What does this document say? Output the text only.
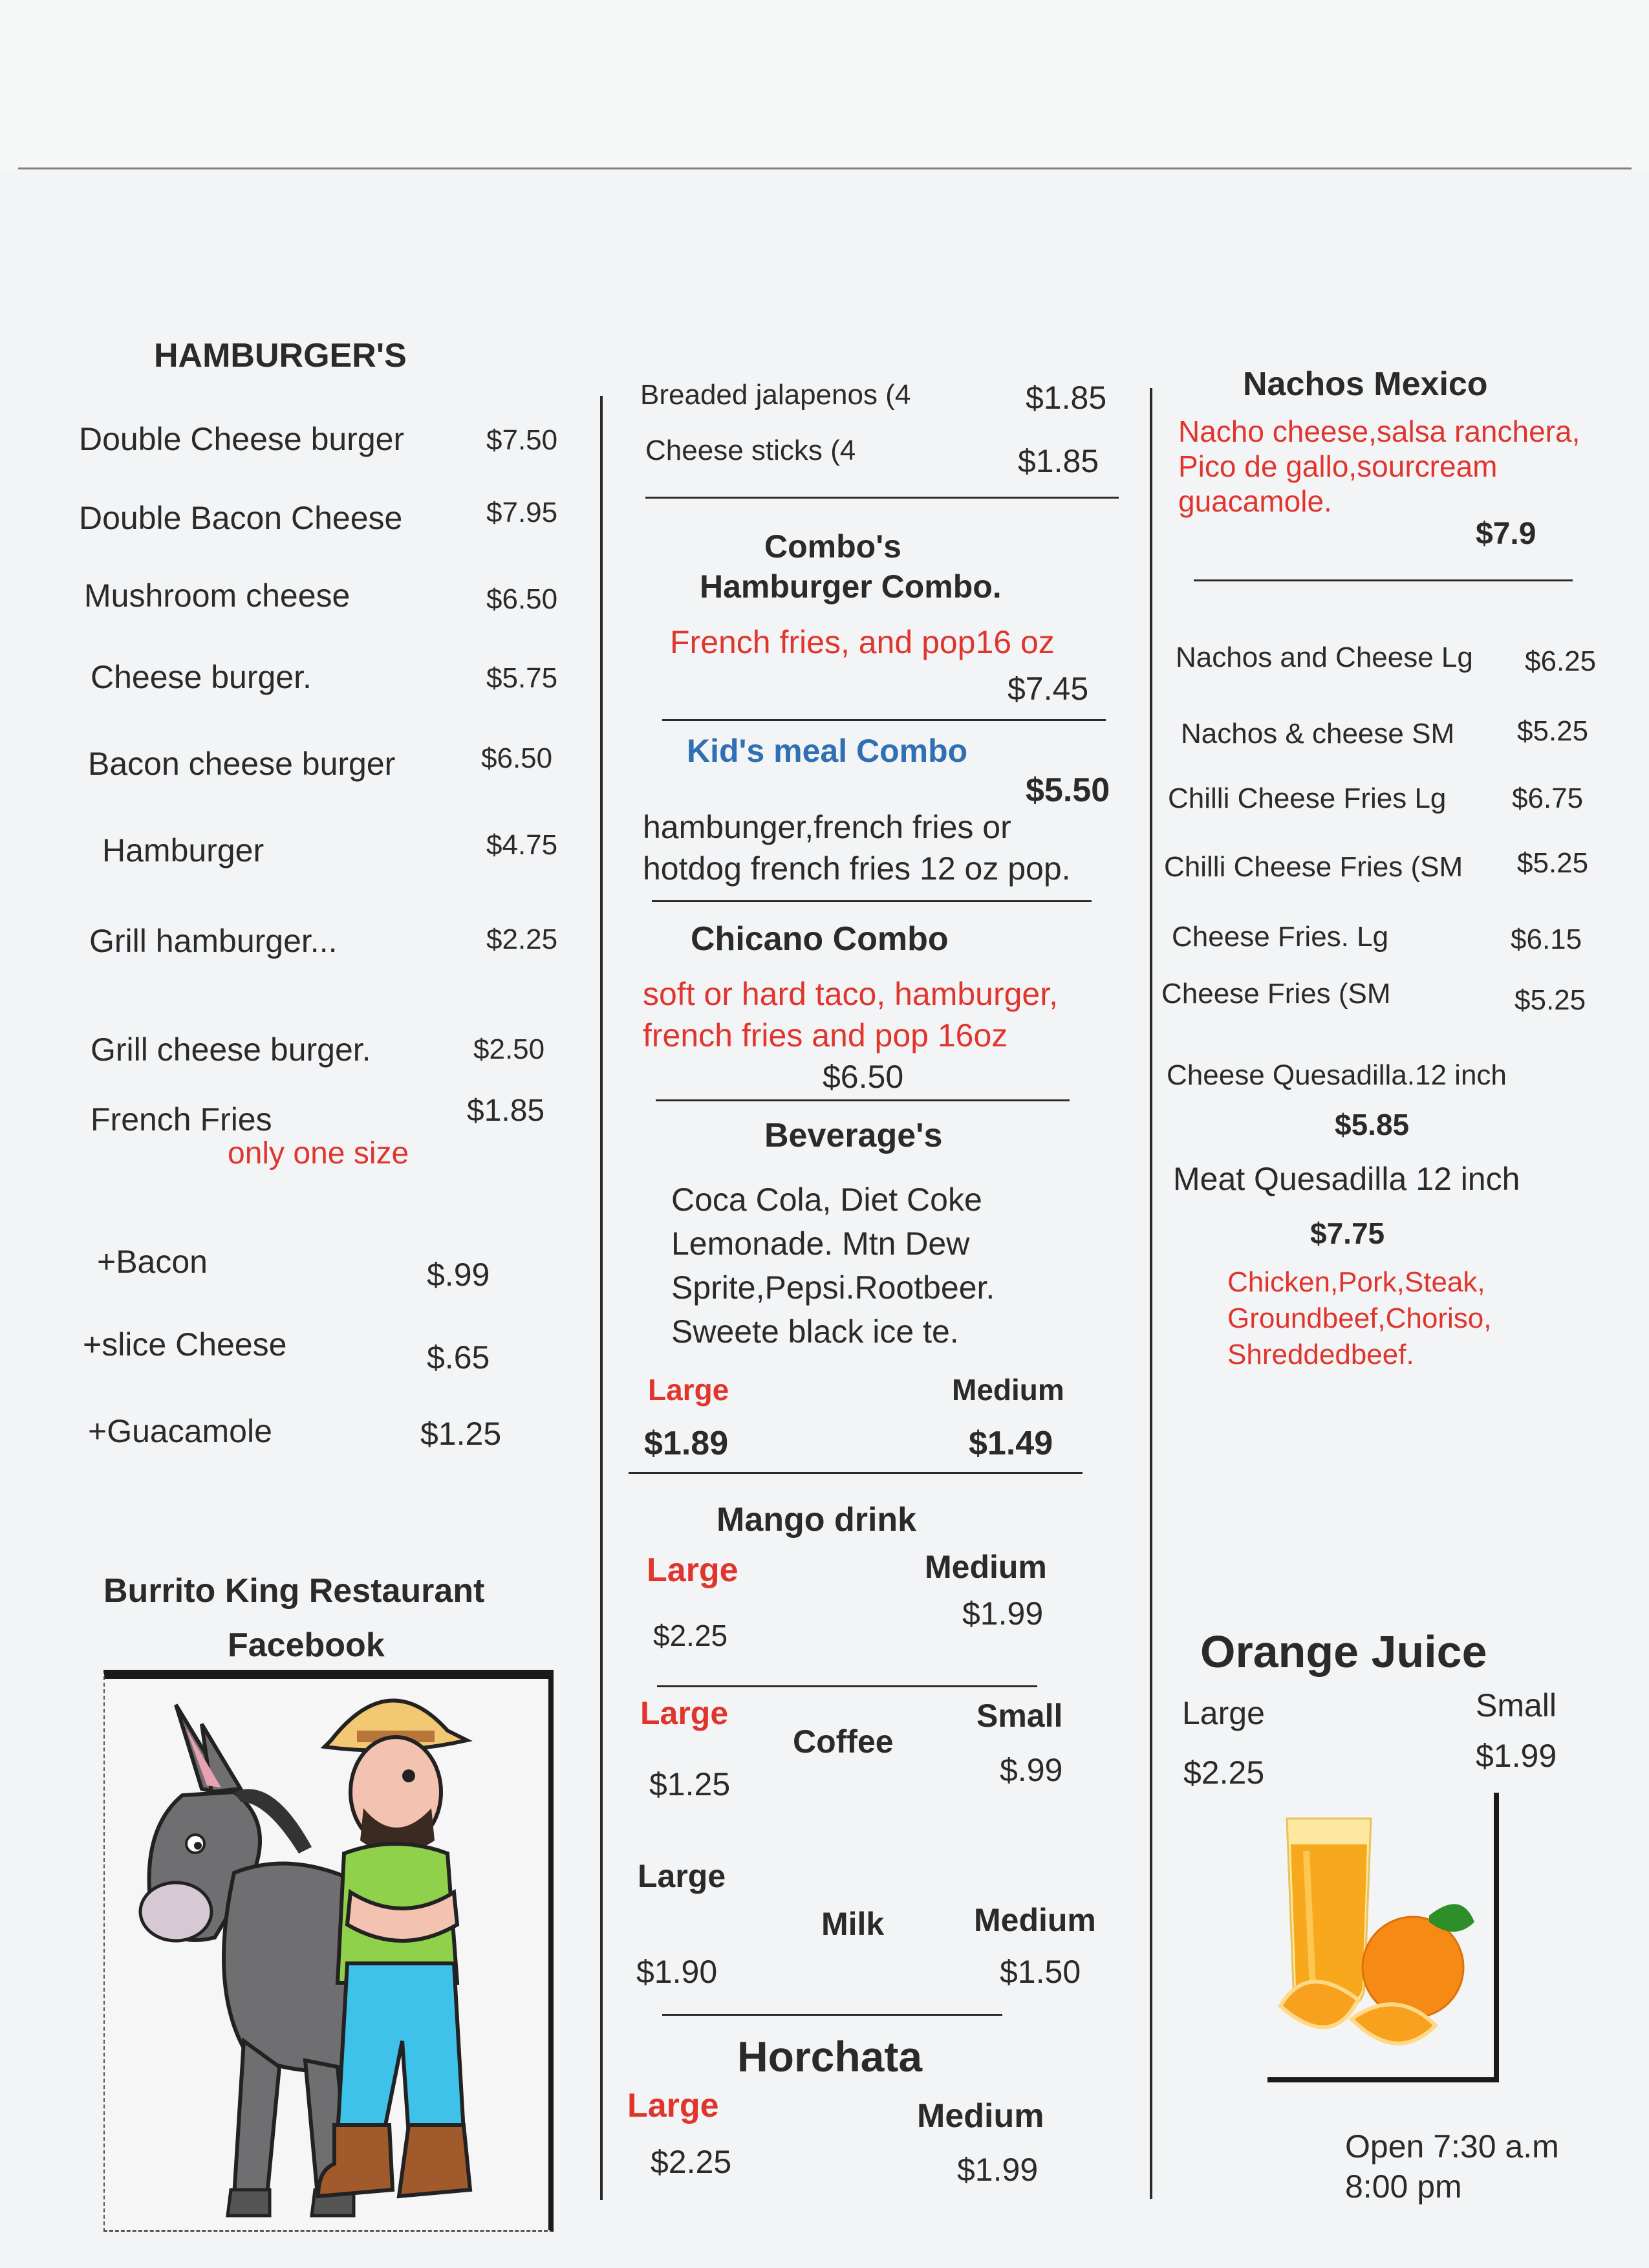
HAMBURGER'S
Double Cheese burger	$7.50
Double Bacon Cheese	$7.95
Mushroom cheese	$6.50
Cheese burger.	$5.75
Bacon cheese burger	$6.50
Hamburger	$4.75
Grill hamburger...	$2.25
Grill cheese burger.	$2.50
French Fries	$1.85
only one size
+Bacon	$.99
+slice Cheese	$.65
+Guacamole	$1.25
Burrito King Restaurant
Facebook
Breaded jalapenos (4	$1.85
Cheese sticks (4	$1.85
Combo's
Hamburger Combo.
French fries, and pop16 oz
$7.45
Kid's meal Combo
$5.50
hambunger,french fries or
hotdog french fries 12 oz pop.
Chicano Combo
soft or hard taco, hamburger,
french fries and pop 16oz
$6.50
Beverage's
Coca Cola, Diet Coke
Lemonade. Mtn Dew
Sprite,Pepsi.Rootbeer.
Sweete black ice te.
Large	Medium
$1.89	$1.49
Mango drink
Large	Medium
$2.25
$1.99
Large
Coffee
Small
$1.25	$.99
Large
Milk	Medium
$1.90	$1.50
Horchata
Large	Medium
$2.25	$1.99
Nachos Mexico
Nacho cheese,salsa ranchera,
Pico de gallo,sourcream
guacamole.
$7.9
Nachos and Cheese Lg $6.25
Nachos & cheese SM $5.25
Chilli Cheese Fries Lg $6.75
Chilli Cheese Fries (SM $5.25
Cheese Fries. Lg	$6.15
Cheese Fries (SM	$5.25
Cheese Quesadilla.12 inch
$5.85
Meat Quesadilla 12 inch
$7.75
Chicken,Pork,Steak,
Groundbeef,Choriso,
Shreddedbeef.
Orange Juice
Large	Small
$2.25	$1.99
Open 7:30 a.m
8:00 pm
